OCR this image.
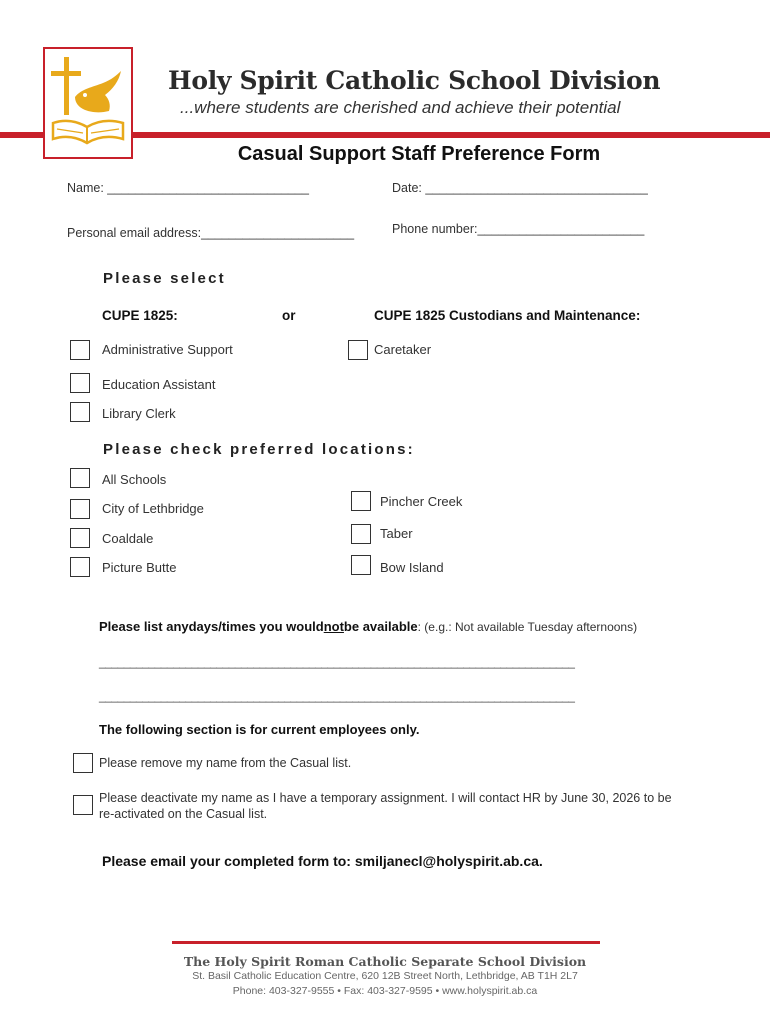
Holy Spirit Catholic School Division
...where students are cherished and achieve their potential
Casual Support Staff Preference Form
Name: _____________________________	Date: ________________________________
Personal email address:______________________	Phone number:________________________
Please select
CUPE 1825:	or	CUPE 1825 Custodians and Maintenance:
Administrative Support	Caretaker
Education Assistant
Library Clerk
Please check preferred locations:
All Schools
City of Lethbridge	Pincher Creek
Coaldale	Taber
Picture Butte	Bow Island
Please list anydays/times you wouldnotbe available: (e.g.: Not available Tuesday afternoons)
_____________________________________________________________________________
_____________________________________________________________________________
The following section is for current employees only.
Please remove my name from the Casual list.
Please deactivate my name as I have a temporary assignment. I will contact HR by June 30, 2026 to be
re-activated on the Casual list.
Please email your completed form to: smiljanecl@holyspirit.ab.ca.
The Holy Spirit Roman Catholic Separate School Division
St. Basil Catholic Education Centre, 620 12B Street North, Lethbridge, AB T1H 2L7
Phone: 403-327-9555 • Fax: 403-327-9595 • www.holyspirit.ab.ca
